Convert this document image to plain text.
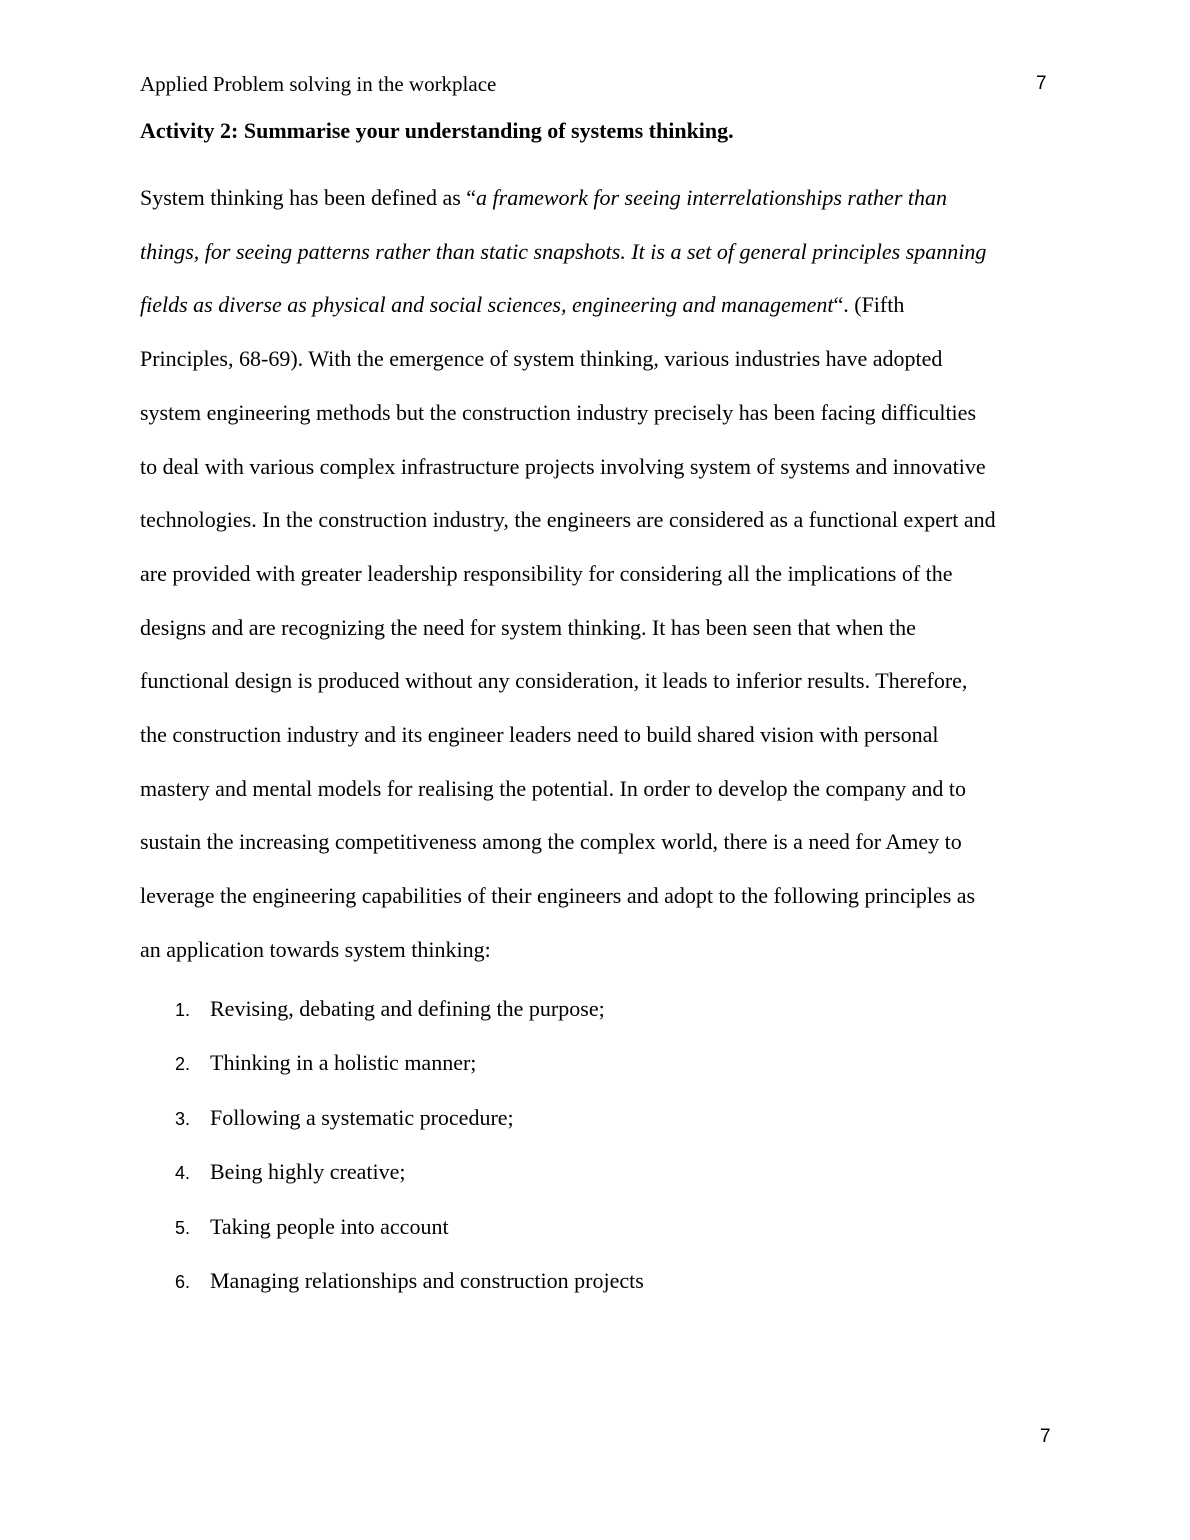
Applied Problem solving in the workplace	7
Activity 2: Summarise your understanding of systems thinking.
System thinking has been defined as “a framework for seeing interrelationships rather than
things, for seeing patterns rather than static snapshots. It is a set of general principles spanning
fields as diverse as physical and social sciences, engineering and management“. (Fifth
Principles, 68-69). With the emergence of system thinking, various industries have adopted
system engineering methods but the construction industry precisely has been facing difficulties
to deal with various complex infrastructure projects involving system of systems and innovative
technologies. In the construction industry, the engineers are considered as a functional expert and
are provided with greater leadership responsibility for considering all the implications of the
designs and are recognizing the need for system thinking. It has been seen that when the
functional design is produced without any consideration, it leads to inferior results. Therefore,
the construction industry and its engineer leaders need to build shared vision with personal
mastery and mental models for realising the potential. In order to develop the company and to
sustain the increasing competitiveness among the complex world, there is a need for Amey to
leverage the engineering capabilities of their engineers and adopt to the following principles as
an application towards system thinking:
1. Revising, debating and defining the purpose;
2. Thinking in a holistic manner;
3. Following a systematic procedure;
4. Being highly creative;
5. Taking people into account
6. Managing relationships and construction projects
7
